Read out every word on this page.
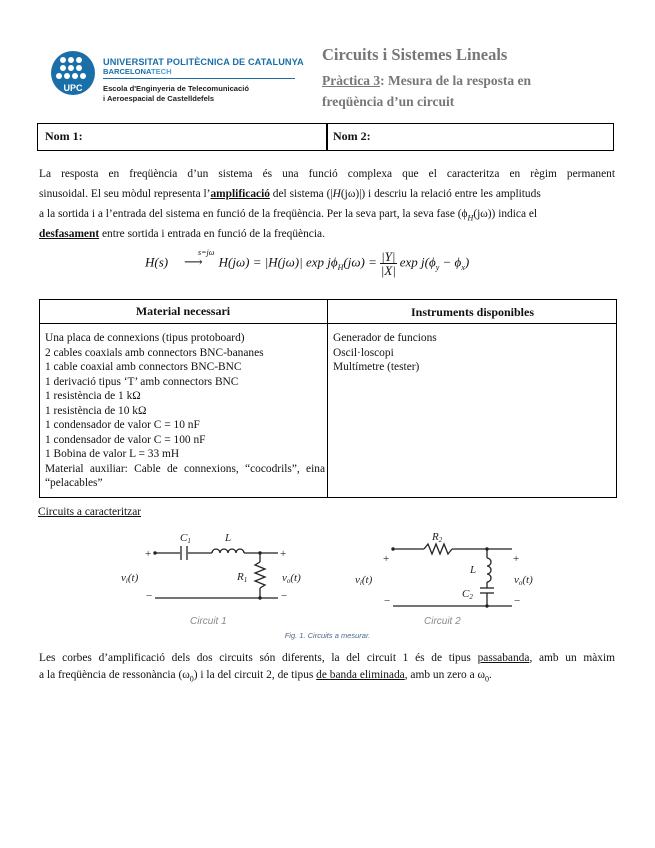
UPC
UNIVERSITAT POLITÈCNICA DE CATALUNYA
BARCELONATECH
Escola d'Enginyeria de Telecomunicació
i Aeroespacial de Castelldefels
Circuits i Sistemes Lineals
Pràctica 3: Mesura de la resposta en
freqüència d’un circuit
Nom 1:	Nom 2:
La resposta en freqüència d’un sistema és una funció complexa que el caracteritza en règim permanent
sinusoidal. El seu mòdul representa l’amplificació del sistema (|H(jω)|) i descriu la relació entre les amplituds
a la sortida i a l’entrada del sistema en funció de la freqüència. Per la seva part, la seva fase $(\phi_H(j\omega))$ indica el
desfasament entre sortida i entrada en funció de la freqüència.
s=jω
H(s) ⟶ H(jω) = |H(jω)| $\exp j\phi_H(j\omega) = \frac{|Y|}{|X|}$ $\exp j(\phi_y - \phi_x)$
Material necessari	Instruments disponibles
Una placa de connexions (tipus protoboard)
2 cables coaxials amb connectors BNC-bananes
1 cable coaxial amb connectors BNC-BNC
1 derivació tipus ‘T’ amb connectors BNC
1 resistència de 1 kΩ
1 resistència de 10 kΩ
1 condensador de valor C = 10 nF
1 condensador de valor C = 100 nF
1 Bobina de valor L = 33 mH
Material auxiliar: Cable de connexions, “cocodrils”, eina “pelacables”
Generador de funcions
Oscil·loscopi
Multímetre (tester)
Circuits a caracteritzar
+
−
vi(t)
+
−
vo(t)
C1	L
R1
Circuit 1
+
−
vi(t)
+
−
vo(t)
R2
L
C2
Circuit 2
Fig. 1. Circuits a mesurar.
Les corbes d’amplificació dels dos circuits són diferents, la del circuit 1 és de tipus passabanda, amb un màxim
a la freqüència de ressonància $(\omega_0)$ i la del circuit 2, de tipus de banda eliminada, amb un zero a $\omega_0$.
